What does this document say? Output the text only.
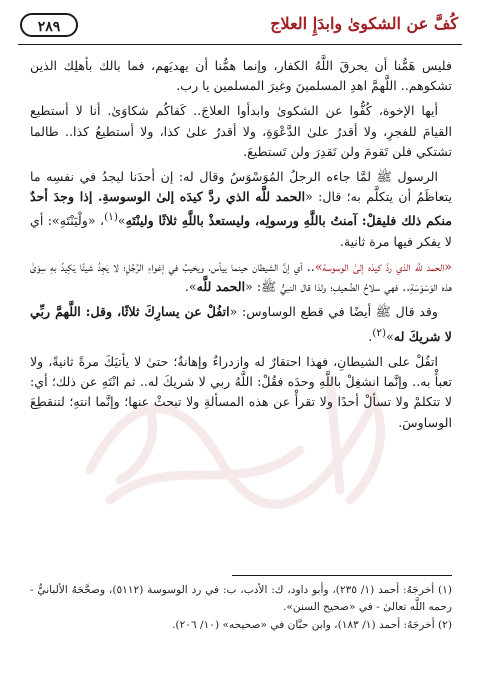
كُفَّ عن الشكوىٰ وابدَإِ العلاج
٢٨٩

فليس هَمُّنا أن يحرقَ اللَّهُ الكفار، وإنما همُّنا أن يهديَهم، فما بالك بأهلِك الذين تشكوهم.. اللَّهمَّ اهدِ المسلمينَ وغيرَ المسلمين يا رب.

أيها الإخوة، كُفُّوا عن الشكوىٰ وابدأوا العلاجَ.. كَفاكُم شكاوَىٰ. أنا لا أستطيع القيامَ للفجرِ، ولا أقدرُ علىٰ الدَّعْوَةِ، ولا أقدرُ علىٰ كذا، ولا أستطيعُ كذا.. طالما تشتكي فلن تَقومَ ولن تَقدِرَ ولن تَستطيعَ.

الرسول ﷺ لمَّا جاءه الرجلُ المُوَسْوَسُ وقال له: إن أحدَنا ليجدُ في نفسِه ما يتعاظَمُ أن يتكلَّم به؛ قال: «الحمد للَّه الذي ردَّ كيدَه إلىٰ الوسوسةِ. إذا وجدَ أحدٌ منكم ذلك فليقلْ: آمنتُ باللَّهِ ورسولِه، وليستعذْ باللَّهِ ثلاثًا ولينْتَهِ»$^{(١)}$، «ولْيَنْتَهِ»: أي لا يفكر فيها مرة ثانية.

«الحمد للَّه الذي ردَّ كيدَه إلىٰ الوسوسة».. أي إنَّ الشيطان حينما ييأس، ويخيبُ في إغواءِ الرَّجُلِ؛ لا يَجِدُ شيئًا يَكِيدُ بهِ سِوَىٰ هذه الوَسْوَسَةِ.. فهي سلاحُ الضَّعيفِ؛ ولذا قال النبيُّ ﷺ: «الحمد للَّه».

وقد قال ﷺ أيضًا في قطع الوساوس: «اتفُلْ عن يسارِكَ ثلاثًا، وقل: اللَّهمَّ ربِّي لا شريكَ له»$^{(٢)}$.

اتفُلْ على الشيطانِ، فهذا احتقارٌ له وازدراءٌ وإهانةٌ؛ حتىٰ لا يأتيَكَ مرةً ثانيةً، ولا تعبأْ به.. وإنَّما انشغِلْ باللَّهِ وحدَه فقُلْ: اللَّهُ ربي لا شريكَ له.. ثم انْتَهِ عن ذلك؛ أي: لا تتكلمْ ولا تسألْ أحدًا ولا تقرأْ عن هذه المسألةِ ولا تبحثْ عنها؛ وإنَّما انتهِ؛ لتنقطِعَ الوساوسَ.

(١) أخرجَهُ: أحمد (١/ ٢٣٥)، وأبو داود، ك: الأدب، ب: في رد الوسوسة (٥١١٢)، وصحَّحَهُ الألبانيُّ - رحمه اللَّه تعالىٰ - في «صحيح السنن».

(٢) أخرجَهُ: أحمد (١/ ١٨٣)، وابن حبَّان في «صحيحه» (١٠/ ٢٠٦).
